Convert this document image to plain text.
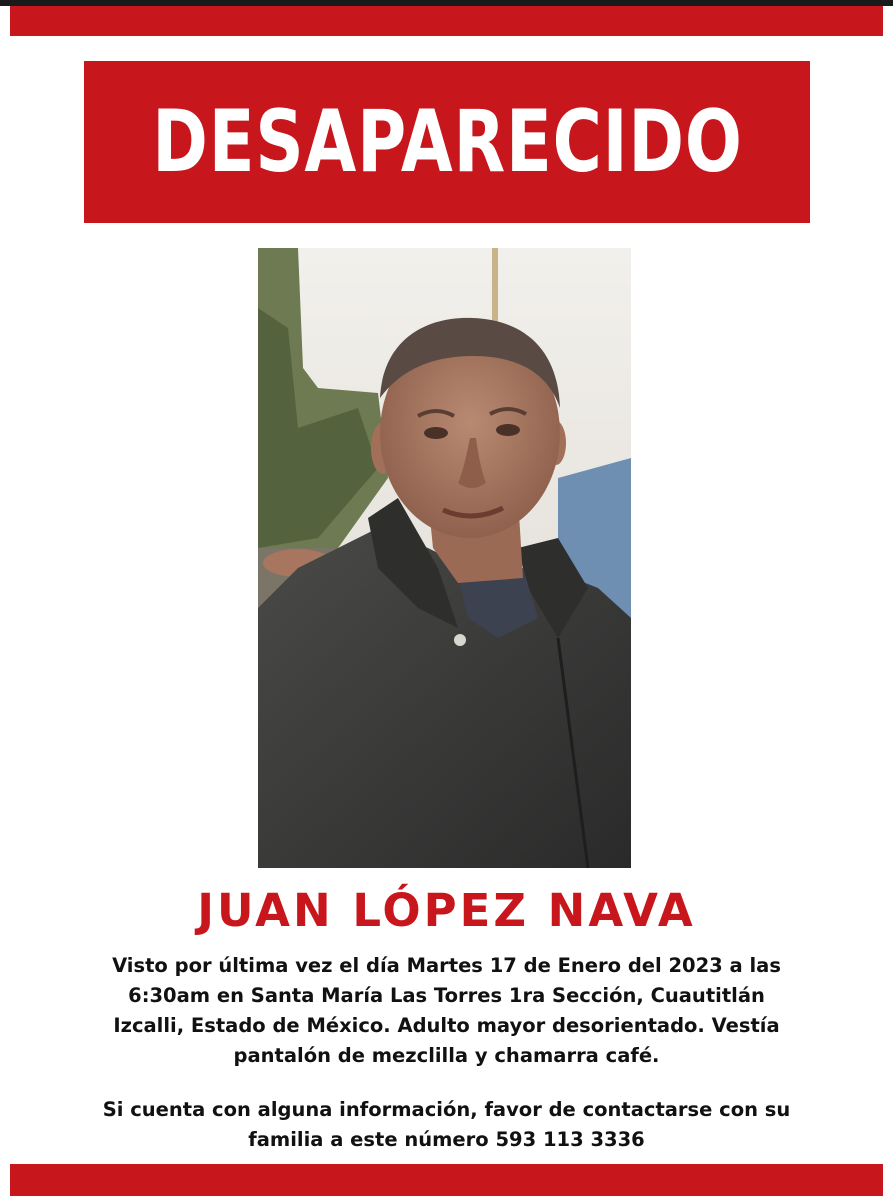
DESAPARECIDO
JUAN LÓPEZ NAVA
Visto por última vez el día Martes 17 de Enero del 2023 a las 6:30am en Santa María Las Torres 1ra Sección, Cuautitlán Izcalli, Estado de México. Adulto mayor desorientado. Vestía pantalón de mezclilla y chamarra café.
Si cuenta con alguna información, favor de contactarse con su familia a este número 593 113 3336
